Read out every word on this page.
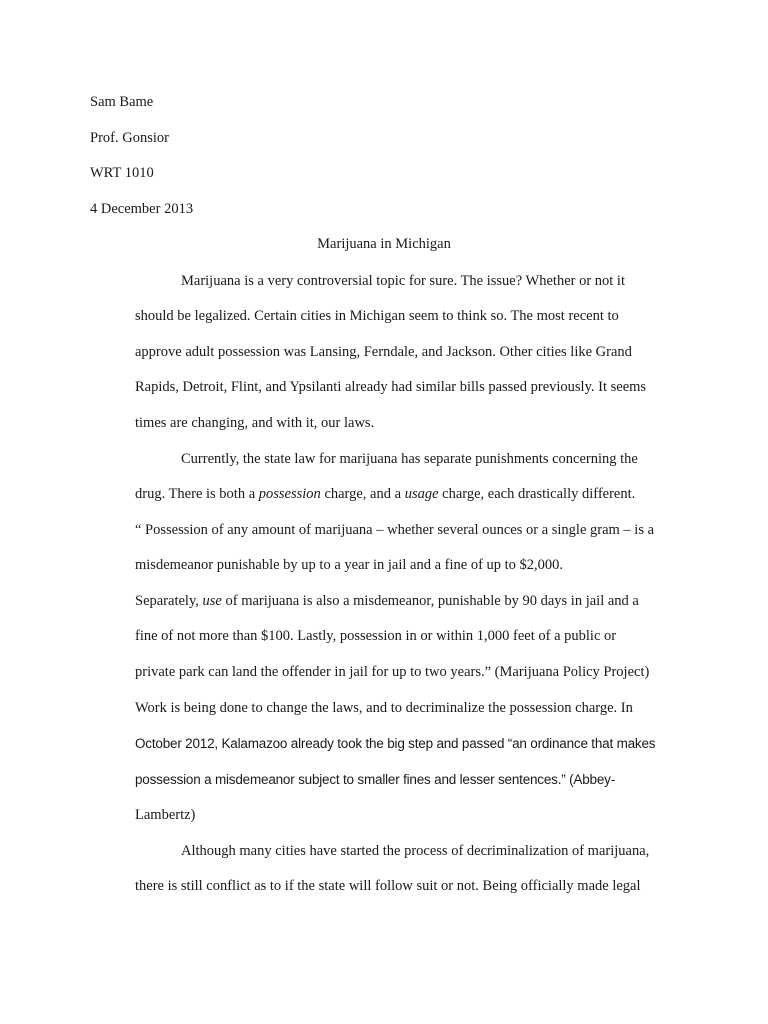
Sam Bame
Prof. Gonsior
WRT 1010
4 December 2013
Marijuana in Michigan
Marijuana is a very controversial topic for sure. The issue? Whether or not it
should be legalized. Certain cities in Michigan seem to think so. The most recent to
approve adult possession was Lansing, Ferndale, and Jackson. Other cities like Grand
Rapids, Detroit, Flint, and Ypsilanti already had similar bills passed previously. It seems
times are changing, and with it, our laws.
Currently, the state law for marijuana has separate punishments concerning the
drug. There is both a possession charge, and a usage charge, each drastically different.
“ Possession of any amount of marijuana – whether several ounces or a single gram – is a
misdemeanor punishable by up to a year in jail and a fine of up to $2,000.
Separately, use of marijuana is also a misdemeanor, punishable by 90 days in jail and a
fine of not more than $100. Lastly, possession in or within 1,000 feet of a public or
private park can land the offender in jail for up to two years.” (Marijuana Policy Project)
Work is being done to change the laws, and to decriminalize the possession charge. In
October 2012, Kalamazoo already took the big step and passed “an ordinance that makes
possession a misdemeanor subject to smaller fines and lesser sentences.” (Abbey-
Lambertz)
Although many cities have started the process of decriminalization of marijuana,
there is still conflict as to if the state will follow suit or not. Being officially made legal
